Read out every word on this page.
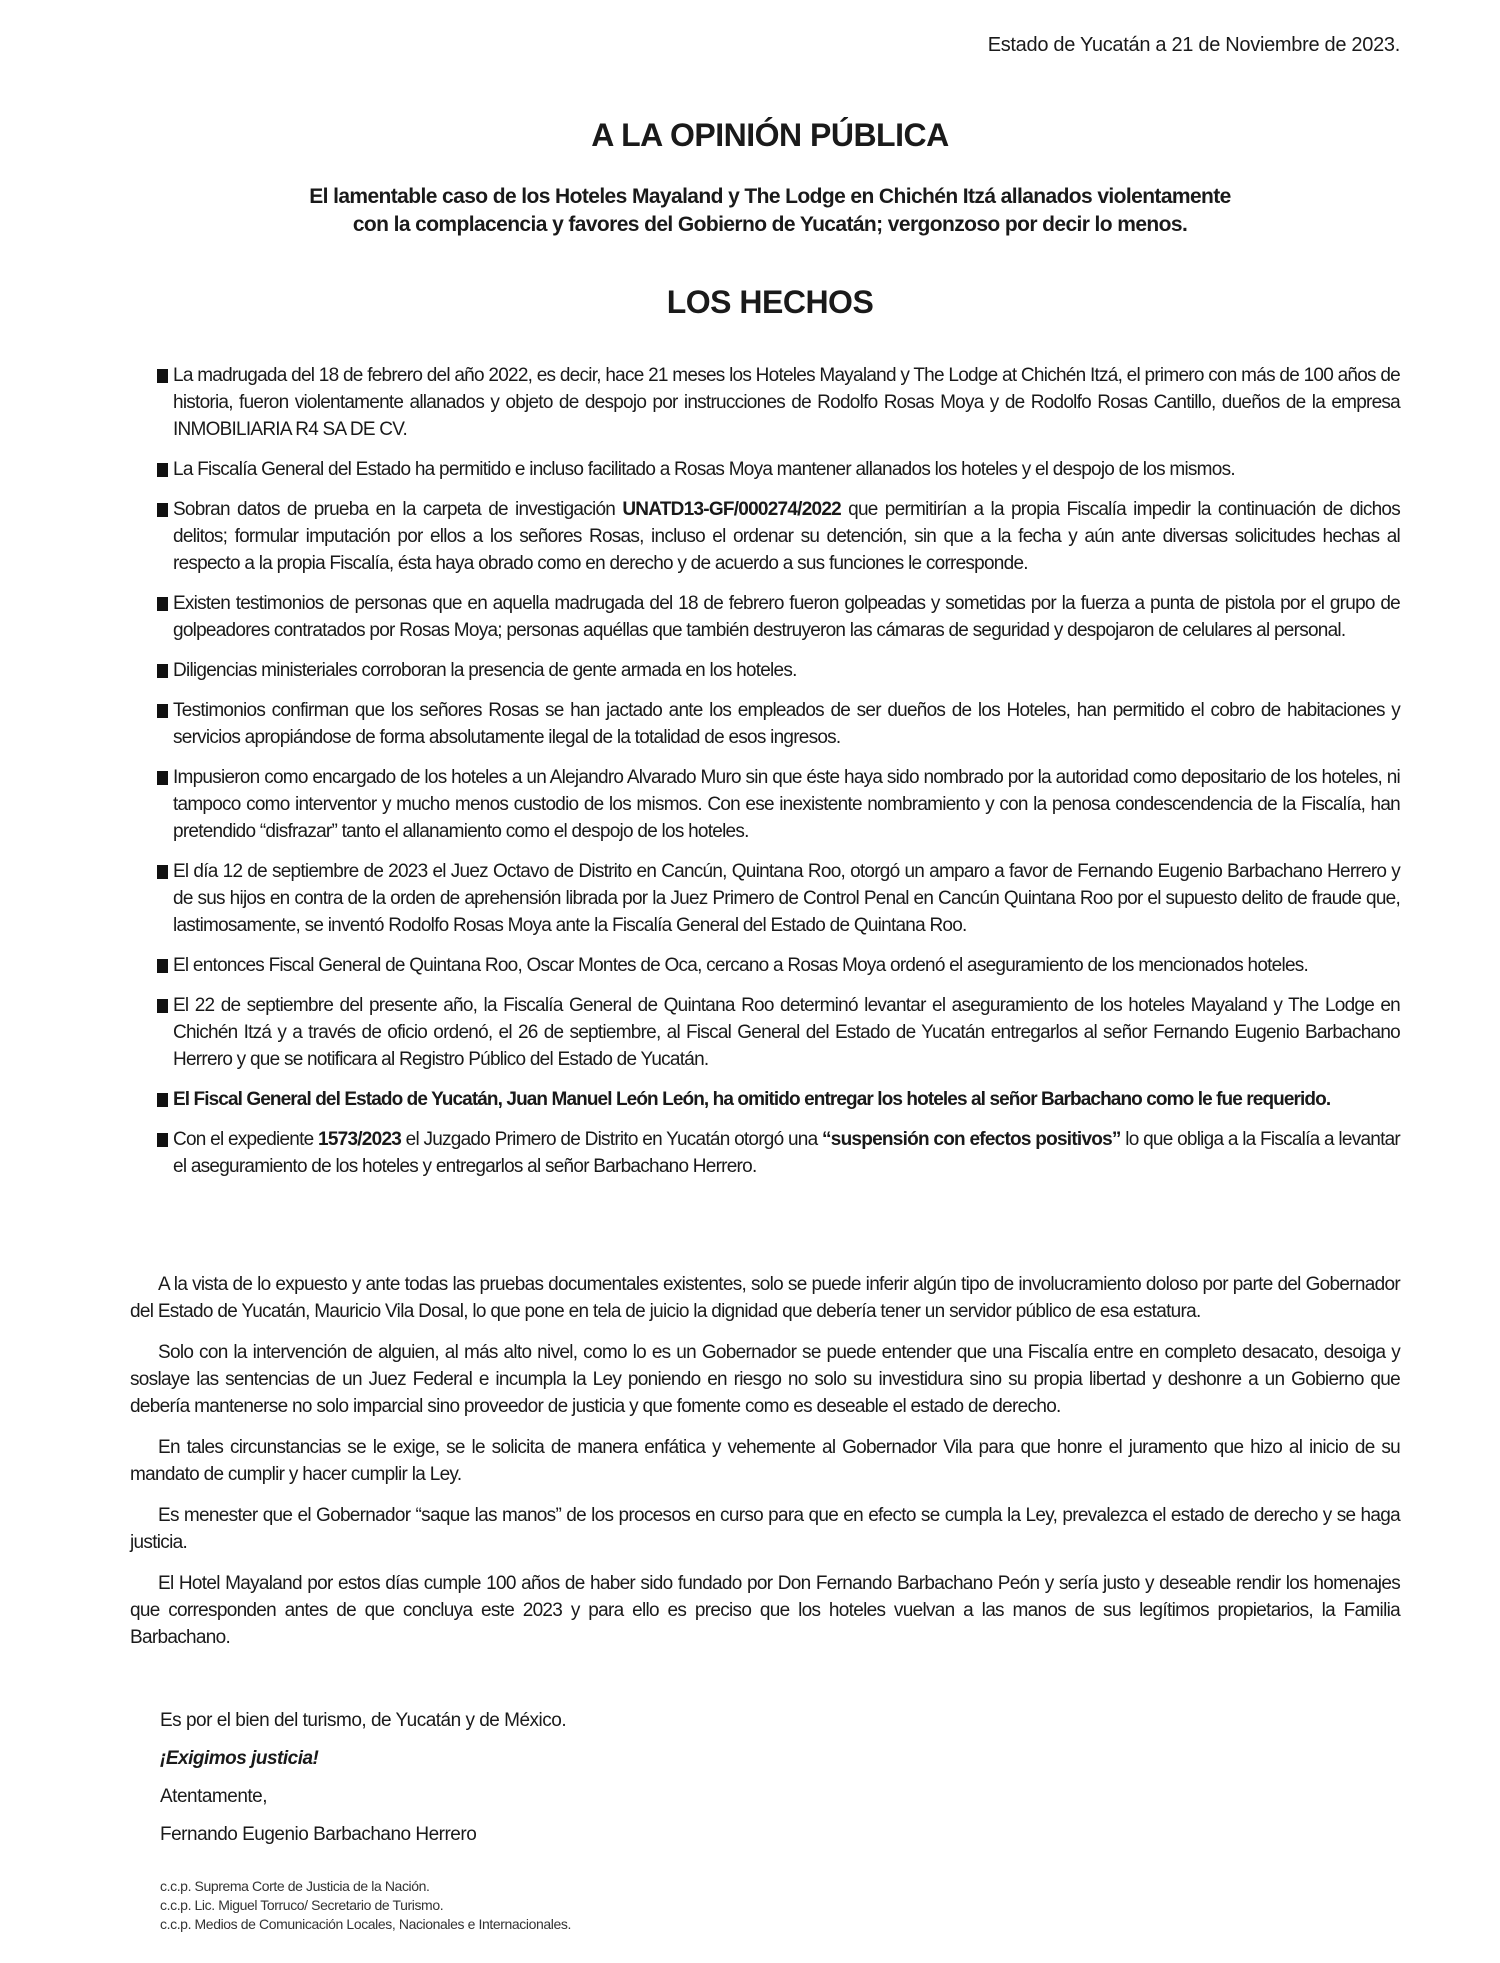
Estado de Yucatán a 21 de Noviembre de 2023.
A LA OPINIÓN PÚBLICA
El lamentable caso de los Hoteles Mayaland y The Lodge en Chichén Itzá allanados violentamente
con la complacencia y favores del Gobierno de Yucatán; vergonzoso por decir lo menos.
LOS HECHOS
La madrugada del 18 de febrero del año 2022, es decir, hace 21 meses los Hoteles Mayaland y The Lodge at Chichén Itzá, el primero con más de 100 años de historia, fueron violentamente allanados y objeto de despojo por instrucciones de Rodolfo Rosas Moya y de Rodolfo Rosas Cantillo, dueños de la empresa INMOBILIARIA R4 SA DE CV.
La Fiscalía General del Estado ha permitido e incluso facilitado a Rosas Moya mantener allanados los hoteles y el despojo de los mismos.
Sobran datos de prueba en la carpeta de investigación UNATD13-GF/000274/2022 que permitirían a la propia Fiscalía impedir la continuación de dichos delitos; formular imputación por ellos a los señores Rosas, incluso el ordenar su detención, sin que a la fecha y aún ante diversas solicitudes hechas al respecto a la propia Fiscalía, ésta haya obrado como en derecho y de acuerdo a sus funciones le corresponde.
Existen testimonios de personas que en aquella madrugada del 18 de febrero fueron golpeadas y sometidas por la fuerza a punta de pistola por el grupo de golpeadores contratados por Rosas Moya; personas aquéllas que también destruyeron las cámaras de seguridad y despojaron de celulares al personal.
Diligencias ministeriales corroboran la presencia de gente armada en los hoteles.
Testimonios confirman que los señores Rosas se han jactado ante los empleados de ser dueños de los Hoteles, han permitido el cobro de habitaciones y servicios apropiándose de forma absolutamente ilegal de la totalidad de esos ingresos.
Impusieron como encargado de los hoteles a un Alejandro Alvarado Muro sin que éste haya sido nombrado por la autoridad como depositario de los hoteles, ni tampoco como interventor y mucho menos custodio de los mismos. Con ese inexistente nombramiento y con la penosa condescendencia de la Fiscalía, han pretendido “disfrazar” tanto el allanamiento como el despojo de los hoteles.
El día 12 de septiembre de 2023 el Juez Octavo de Distrito en Cancún, Quintana Roo, otorgó un amparo a favor de Fernando Eugenio Barbachano Herrero y de sus hijos en contra de la orden de aprehensión librada por la Juez Primero de Control Penal en Cancún Quintana Roo por el supuesto delito de fraude que, lastimosamente, se inventó Rodolfo Rosas Moya ante la Fiscalía General del Estado de Quintana Roo.
El entonces Fiscal General de Quintana Roo, Oscar Montes de Oca, cercano a Rosas Moya ordenó el aseguramiento de los mencionados hoteles.
El 22 de septiembre del presente año, la Fiscalía General de Quintana Roo determinó levantar el aseguramiento de los hoteles Mayaland y The Lodge en Chichén Itzá y a través de oficio ordenó, el 26 de septiembre, al Fiscal General del Estado de Yucatán entregarlos al señor Fernando Eugenio Barbachano Herrero y que se notificara al Registro Público del Estado de Yucatán.
El Fiscal General del Estado de Yucatán, Juan Manuel León León, ha omitido entregar los hoteles al señor Barbachano como le fue requerido.
Con el expediente 1573/2023 el Juzgado Primero de Distrito en Yucatán otorgó una “suspensión con efectos positivos” lo que obliga a la Fiscalía a levantar el aseguramiento de los hoteles y entregarlos al señor Barbachano Herrero.

A la vista de lo expuesto y ante todas las pruebas documentales existentes, solo se puede inferir algún tipo de involucramiento doloso por parte del Gobernador del Estado de Yucatán, Mauricio Vila Dosal, lo que pone en tela de juicio la dignidad que debería tener un servidor público de esa estatura.

Solo con la intervención de alguien, al más alto nivel, como lo es un Gobernador se puede entender que una Fiscalía entre en completo desacato, desoiga y soslaye las sentencias de un Juez Federal e incumpla la Ley poniendo en riesgo no solo su investidura sino su propia libertad y deshonre a un Gobierno que debería mantenerse no solo imparcial sino proveedor de justicia y que fomente como es deseable el estado de derecho.

En tales circunstancias se le exige, se le solicita de manera enfática y vehemente al Gobernador Vila para que honre el juramento que hizo al inicio de su mandato de cumplir y hacer cumplir la Ley.

Es menester que el Gobernador “saque las manos” de los procesos en curso para que en efecto se cumpla la Ley, prevalezca el estado de derecho y se haga justicia.

El Hotel Mayaland por estos días cumple 100 años de haber sido fundado por Don Fernando Barbachano Peón y sería justo y deseable rendir los homenajes que corresponden antes de que concluya este 2023 y para ello es preciso que los hoteles vuelvan a las manos de sus legítimos propietarios, la Familia Barbachano.

Es por el bien del turismo, de Yucatán y de México.
¡Exigimos justicia!
Atentamente,
Fernando Eugenio Barbachano Herrero
c.c.p. Suprema Corte de Justicia de la Nación.
c.c.p. Lic. Miguel Torruco/ Secretario de Turismo.
c.c.p. Medios de Comunicación Locales, Nacionales e Internacionales.
